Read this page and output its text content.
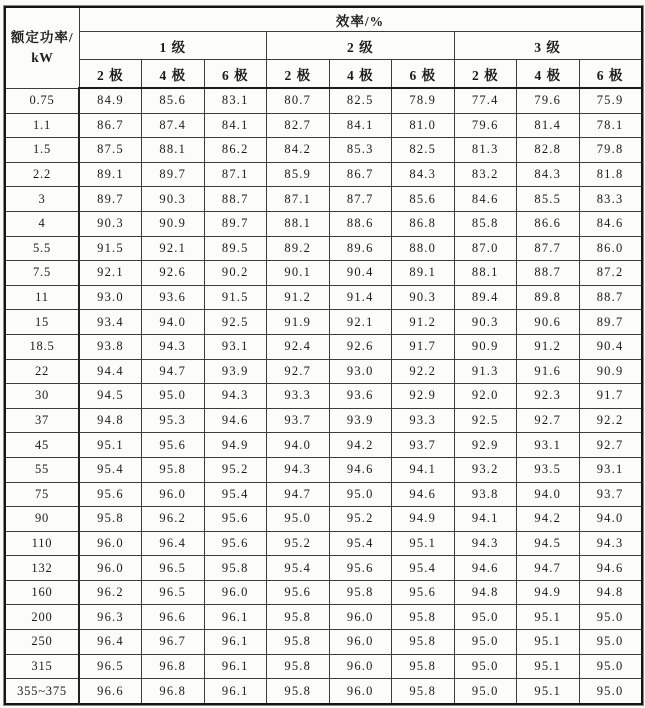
额定功率/
kW	效率/%								
	1 级			2 级			3 级		
	2 极	4 极	6 极	2 极	4 极	6 极	2 极	4 极	6 极
0.75	84.9	85.6	83.1	80.7	82.5	78.9	77.4	79.6	75.9
1.1	86.7	87.4	84.1	82.7	84.1	81.0	79.6	81.4	78.1
1.5	87.5	88.1	86.2	84.2	85.3	82.5	81.3	82.8	79.8
2.2	89.1	89.7	87.1	85.9	86.7	84.3	83.2	84.3	81.8
3	89.7	90.3	88.7	87.1	87.7	85.6	84.6	85.5	83.3
4	90.3	90.9	89.7	88.1	88.6	86.8	85.8	86.6	84.6
5.5	91.5	92.1	89.5	89.2	89.6	88.0	87.0	87.7	86.0
7.5	92.1	92.6	90.2	90.1	90.4	89.1	88.1	88.7	87.2
11	93.0	93.6	91.5	91.2	91.4	90.3	89.4	89.8	88.7
15	93.4	94.0	92.5	91.9	92.1	91.2	90.3	90.6	89.7
18.5	93.8	94.3	93.1	92.4	92.6	91.7	90.9	91.2	90.4
22	94.4	94.7	93.9	92.7	93.0	92.2	91.3	91.6	90.9
30	94.5	95.0	94.3	93.3	93.6	92.9	92.0	92.3	91.7
37	94.8	95.3	94.6	93.7	93.9	93.3	92.5	92.7	92.2
45	95.1	95.6	94.9	94.0	94.2	93.7	92.9	93.1	92.7
55	95.4	95.8	95.2	94.3	94.6	94.1	93.2	93.5	93.1
75	95.6	96.0	95.4	94.7	95.0	94.6	93.8	94.0	93.7
90	95.8	96.2	95.6	95.0	95.2	94.9	94.1	94.2	94.0
110	96.0	96.4	95.6	95.2	95.4	95.1	94.3	94.5	94.3
132	96.0	96.5	95.8	95.4	95.6	95.4	94.6	94.7	94.6
160	96.2	96.5	96.0	95.6	95.8	95.6	94.8	94.9	94.8
200	96.3	96.6	96.1	95.8	96.0	95.8	95.0	95.1	95.0
250	96.4	96.7	96.1	95.8	96.0	95.8	95.0	95.1	95.0
315	96.5	96.8	96.1	95.8	96.0	95.8	95.0	95.1	95.0
355~375	96.6	96.8	96.1	95.8	96.0	95.8	95.0	95.1	95.0
